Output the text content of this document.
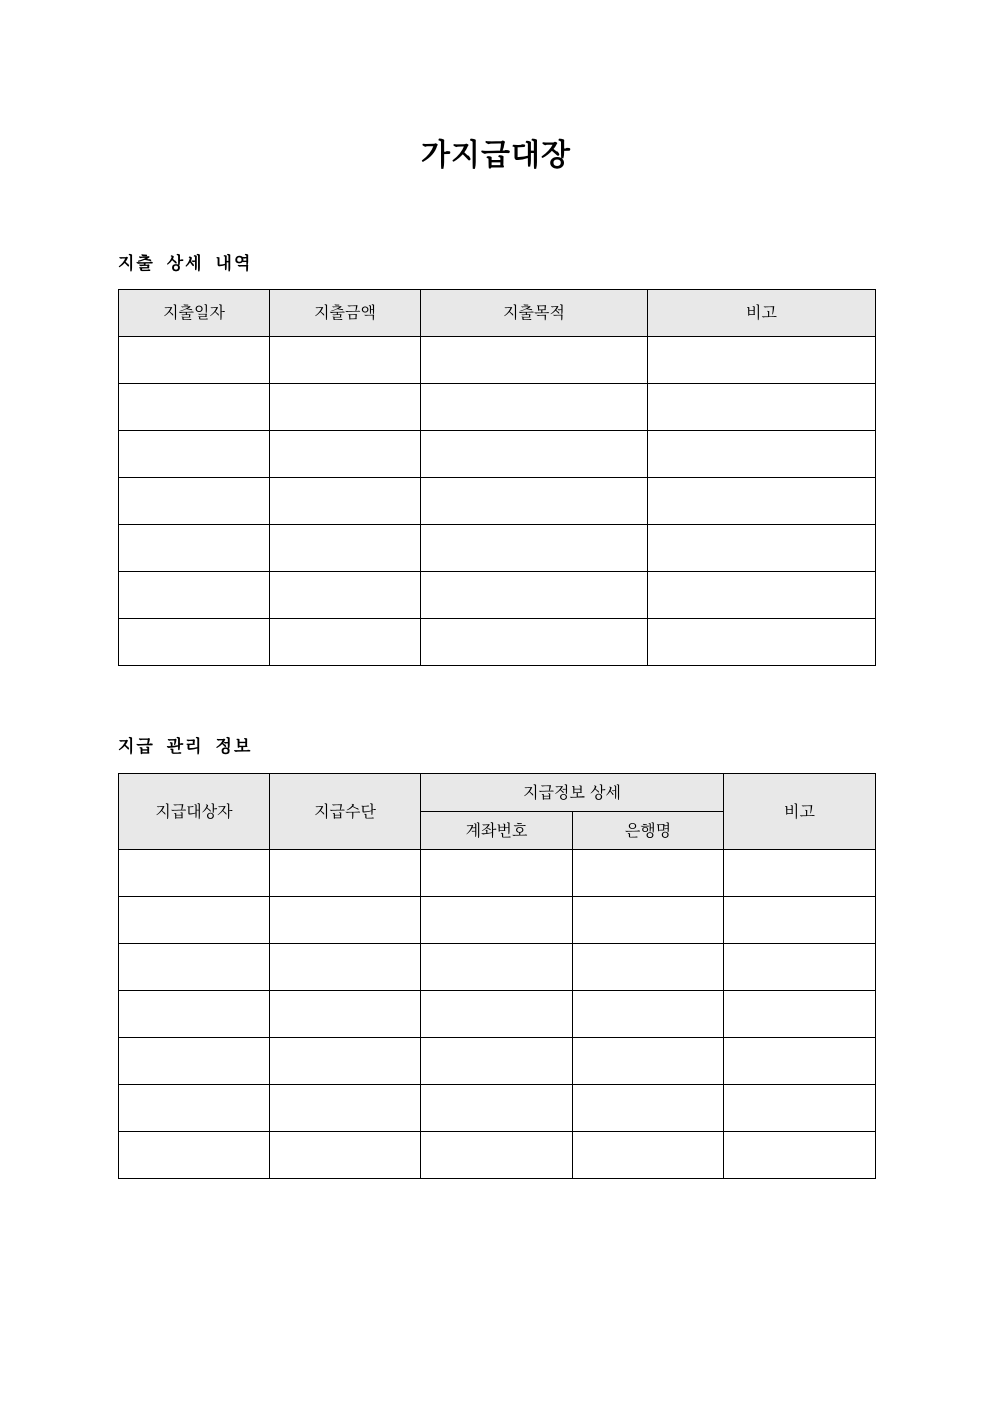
가지급대장
지출 상세 내역
지출일자	지출금액	지출목적	비고

지급 관리 정보
지급대상자	지급수단	지급정보 상세		비고
		계좌번호	은행명	
